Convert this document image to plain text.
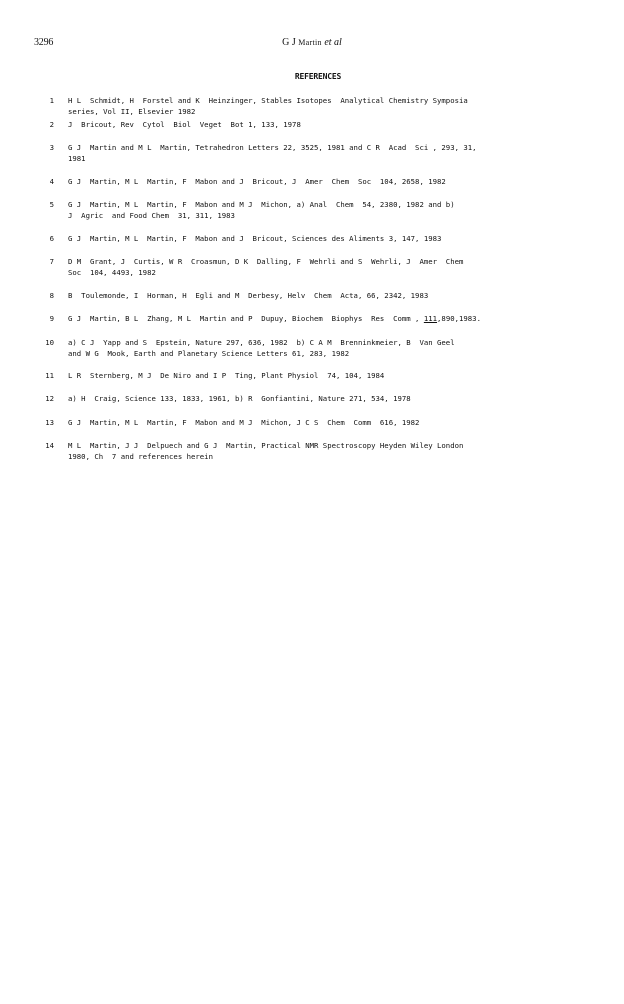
3296	G J Martin et al
REFERENCES
1 H L  Schmidt, H  Forstel and K  Heinzinger, Stables Isotopes  Analytical Chemistry Symposia
series, Vol II, Elsevier 1982
2 J  Bricout, Rev  Cytol  Biol  Veget  Bot 1, 133, 1978
3 G J  Martin and M L  Martin, Tetrahedron Letters 22, 3525, 1981 and C R  Acad  Sci , 293, 31,
1981
4 G J  Martin, M L  Martin, F  Mabon and J  Bricout, J  Amer  Chem  Soc  104, 2658, 1982
5 G J  Martin, M L  Martin, F  Mabon and M J  Michon, a) Anal  Chem  54, 2380, 1982 and b)
J  Agric  and Food Chem  31, 311, 1983
6 G J  Martin, M L  Martin, F  Mabon and J  Bricout, Sciences des Aliments 3, 147, 1983
7 D M  Grant, J  Curtis, W R  Croasmun, D K  Dalling, F  Wehrli and S  Wehrli, J  Amer  Chem
Soc  104, 4493, 1982
8 B  Toulemonde, I  Horman, H  Egli and M  Derbesy, Helv  Chem  Acta, 66, 2342, 1983
9 G J  Martin, B L  Zhang, M L  Martin and P  Dupuy, Biochem  Biophys  Res  Comm , 111,890,1983.
10 a) C J  Yapp and S  Epstein, Nature 297, 636, 1982  b) C A M  Brenninkmeier, B  Van Geel
and W G  Mook, Earth and Planetary Science Letters 61, 283, 1982
11 L R  Sternberg, M J  De Niro and I P  Ting, Plant Physiol  74, 104, 1984
12 a) H  Craig, Science 133, 1833, 1961, b) R  Gonfiantini, Nature 271, 534, 1978
13 G J  Martin, M L  Martin, F  Mabon and M J  Michon, J C S  Chem  Comm  616, 1982
14 M L  Martin, J J  Delpuech and G J  Martin, Practical NMR Spectroscopy Heyden Wiley London
1980, Ch  7 and references herein
